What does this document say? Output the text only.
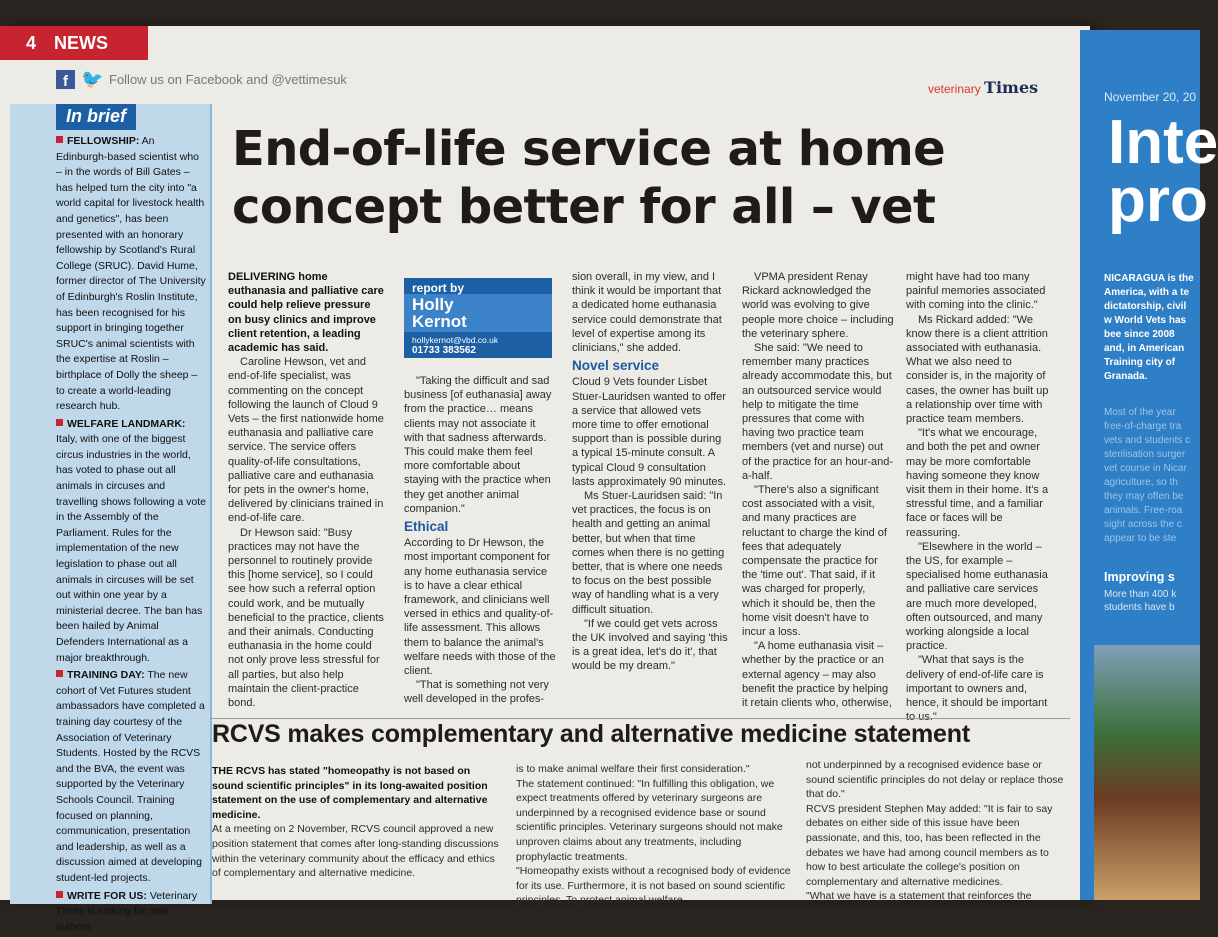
4 NEWS
f 🐦 Follow us on Facebook and @vettimesuk
veterinary Times
In brief

FELLOWSHIP: An Edinburgh-based scientist who – in the words of Bill Gates – has helped turn the city into "a world capital for livestock health and genetics", has been presented with an honorary fellowship by Scotland's Rural College (SRUC). David Hume, former director of The University of Edinburgh's Roslin Institute, has been recognised for his support in bringing together SRUC's animal scientists with the expertise at Roslin – birthplace of Dolly the sheep – to create a world-leading research hub.

WELFARE LANDMARK: Italy, with one of the biggest circus industries in the world, has voted to phase out all animals in circuses and travelling shows following a vote in the Assembly of the Parliament. Rules for the implementation of the new legislation to phase out all animals in circuses will be set out within one year by a ministerial decree. The ban has been hailed by Animal Defenders International as a major breakthrough.

TRAINING DAY: The new cohort of Vet Futures student ambassadors have completed a training day courtesy of the Association of Veterinary Students. Hosted by the RCVS and the BVA, the event was supported by the Veterinary Schools Council. Training focused on planning, communication, presentation and leadership, as well as a discussion aimed at developing student-led projects.

WRITE FOR US: Veterinary Times is looking for new authors

End-of-life service at home concept better for all – vet

DELIVERING home euthanasia and palliative care could help relieve pressure on busy clinics and improve client retention, a leading academic has said.

Caroline Hewson, vet and end-of-life specialist, was commenting on the concept following the launch of Cloud 9 Vets – the first nationwide home euthanasia and palliative care service. The service offers quality-of-life consultations, palliative care and euthanasia for pets in the owner's home, delivered by clinicians trained in end-of-life care.

Dr Hewson said: "Busy practices may not have the personnel to routinely provide this [home service], so I could see how such a referral option could work, and be mutually beneficial to the practice, clients and their animals. Conducting euthanasia in the home could not only prove less stressful for all parties, but also help maintain the client-practice bond.

report by
Holly
Kernot
hollykernot@vbd.co.uk
01733 383562

"Taking the difficult and sad business [of euthanasia] away from the practice… means clients may not associate it with that sadness afterwards. This could make them feel more comfortable about staying with the practice when they get another animal companion."

Ethical

According to Dr Hewson, the most important component for any home euthanasia service is to have a clear ethical framework, and clinicians well versed in ethics and quality-of-life assessment. This allows them to balance the animal's welfare needs with those of the client.

"That is something not very well developed in the profes-

sion overall, in my view, and I think it would be important that a dedicated home euthanasia service could demonstrate that level of expertise among its clinicians," she added.

Novel service

Cloud 9 Vets founder Lisbet Stuer-Lauridsen wanted to offer a service that allowed vets more time to offer emotional support than is possible during a typical 15-minute consult. A typical Cloud 9 consultation lasts approximately 90 minutes.

Ms Stuer-Lauridsen said: "In vet practices, the focus is on health and getting an animal better, but when that time comes when there is no getting better, that is where one needs to focus on the best possible way of handling what is a very difficult situation.

"If we could get vets across the UK involved and saying 'this is a great idea, let's do it', that would be my dream."

VPMA president Renay Rickard acknowledged the world was evolving to give people more choice – including the veterinary sphere.

She said: "We need to remember many practices already accommodate this, but an outsourced service would help to mitigate the time pressures that come with having two practice team members (vet and nurse) out of the practice for an hour-and-a-half.

"There's also a significant cost associated with a visit, and many practices are reluctant to charge the kind of fees that adequately compensate the practice for the 'time out'. That said, if it was charged for properly, which it should be, then the home visit doesn't have to incur a loss.

"A home euthanasia visit – whether by the practice or an external agency – may also benefit the practice by helping it retain clients who, otherwise,

might have had too many painful memories associated with coming into the clinic."

Ms Rickard added: "We know there is a client attrition associated with euthanasia. What we also need to consider is, in the majority of cases, the owner has built up a relationship over time with practice team members.

"It's what we encourage, and both the pet and owner may be more comfortable having someone they know visit them in their home. It's a stressful time, and a familiar face or faces will be reassuring.

"Elsewhere in the world – the US, for example – specialised home euthanasia and palliative care services are much more developed, often outsourced, and many working alongside a local practice.

"What that says is the delivery of end-of-life care is important to owners and, hence, it should be important

RCVS makes complementary and alternative medicine statement

THE RCVS has stated "homeopathy is not based on sound scientific principles" in its long-awaited position statement on the use of complementary and alternative medicine.

At a meeting on 2 November, RCVS council approved a new position statement that comes after long-standing discussions within the veterinary community about the efficacy and ethics of complementary and alternative medicine.

is to make animal welfare their first consideration."

The statement continued: "In fulfilling this obligation, we expect treatments offered by veterinary surgeons are underpinned by a recognised evidence base or sound scientific principles. Veterinary surgeons should not make unproven claims about any treatments, including prophylactic treatments.

"Homeopathy exists without a recognised body of evidence for its use. Furthermore, it is not based on sound scientific principles. To protect animal welfare,

not underpinned by a recognised evidence base or sound scientific principles do not delay or replace those that do."

RCVS president Stephen May added: "It is fair to say debates on either side of this issue have been passionate, and this, too, has been reflected in the debates we have had among council members as to how to best articulate the college's position on complementary and alternative medicines.

"What we have is a statement that reinforces the

November 20, 20
Inte pro
NICARAGUA is the America, with a te dictatorship, civil w World Vets has bee since 2008 and, in American Training city of Granada.
Most of the year free-of-charge tra vets and students c sterilisation surger vet course in Nicar agriculture, so th they may often be animals. Free-roa sight across the c appear to be ste
Improving s
More than 400 k students have b
